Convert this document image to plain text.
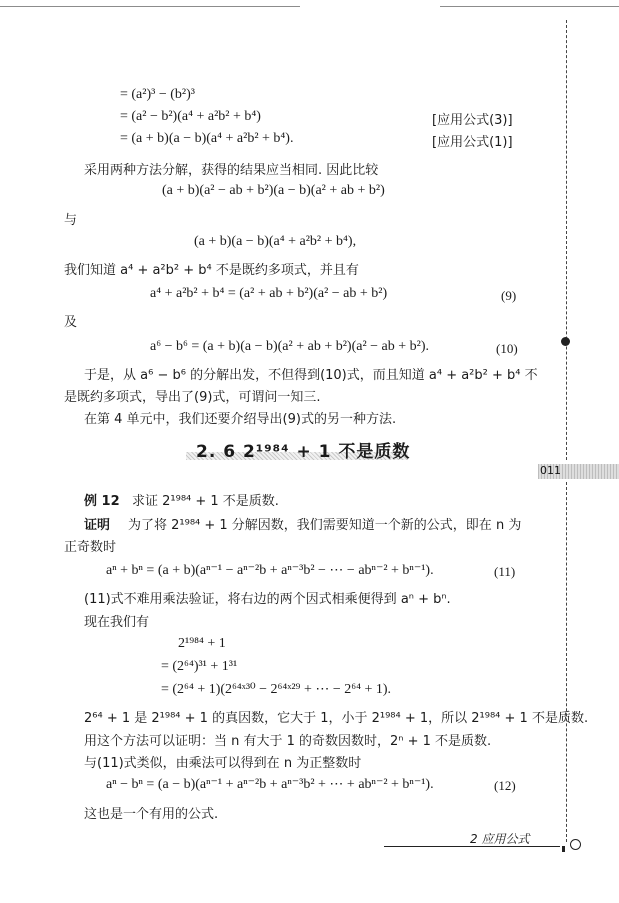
= (a²)³ − (b²)³
= (a² − b²)(a⁴ + a²b² + b⁴)	[应用公式(3)]
= (a + b)(a − b)(a⁴ + a²b² + b⁴).	[应用公式(1)]
采用两种方法分解，获得的结果应当相同. 因此比较
(a + b)(a² − ab + b²)(a − b)(a² + ab + b²)
与
(a + b)(a − b)(a⁴ + a²b² + b⁴),
我们知道 a⁴ + a²b² + b⁴ 不是既约多项式，并且有
a⁴ + a²b² + b⁴ = (a² + ab + b²)(a² − ab + b²)	(9)
及
a⁶ − b⁶ = (a + b)(a − b)(a² + ab + b²)(a² − ab + b²).	(10)
于是，从 a⁶ − b⁶ 的分解出发，不但得到(10)式，而且知道 a⁴ + a²b² + b⁴ 不
是既约多项式，导出了(9)式，可谓问一知三.
在第 4 单元中，我们还要介绍导出(9)式的另一种方法.
2. 6 2¹⁹⁸⁴ + 1 不是质数
例 12 求证 2¹⁹⁸⁴ + 1 不是质数.
证明 为了将 2¹⁹⁸⁴ + 1 分解因数，我们需要知道一个新的公式，即在 n 为
正奇数时
aⁿ + bⁿ = (a + b)(aⁿ⁻¹ − aⁿ⁻²b + aⁿ⁻³b² − ⋯ − abⁿ⁻² + bⁿ⁻¹).	(11)
(11)式不难用乘法验证，将右边的两个因式相乘便得到 aⁿ + bⁿ.
现在我们有
2¹⁹⁸⁴ + 1
= (2⁶⁴)³¹ + 1³¹
= (2⁶⁴ + 1)(2⁶⁴ˣ³⁰ − 2⁶⁴ˣ²⁹ + ⋯ − 2⁶⁴ + 1).
2⁶⁴ + 1 是 2¹⁹⁸⁴ + 1 的真因数，它大于 1，小于 2¹⁹⁸⁴ + 1，所以 2¹⁹⁸⁴ + 1 不是质数.
用这个方法可以证明：当 n 有大于 1 的奇数因数时，2ⁿ + 1 不是质数.
与(11)式类似，由乘法可以得到在 n 为正整数时
aⁿ − bⁿ = (a − b)(aⁿ⁻¹ + aⁿ⁻²b + aⁿ⁻³b² + ⋯ + abⁿ⁻² + bⁿ⁻¹).	(12)
这也是一个有用的公式.
011
2 应用公式
